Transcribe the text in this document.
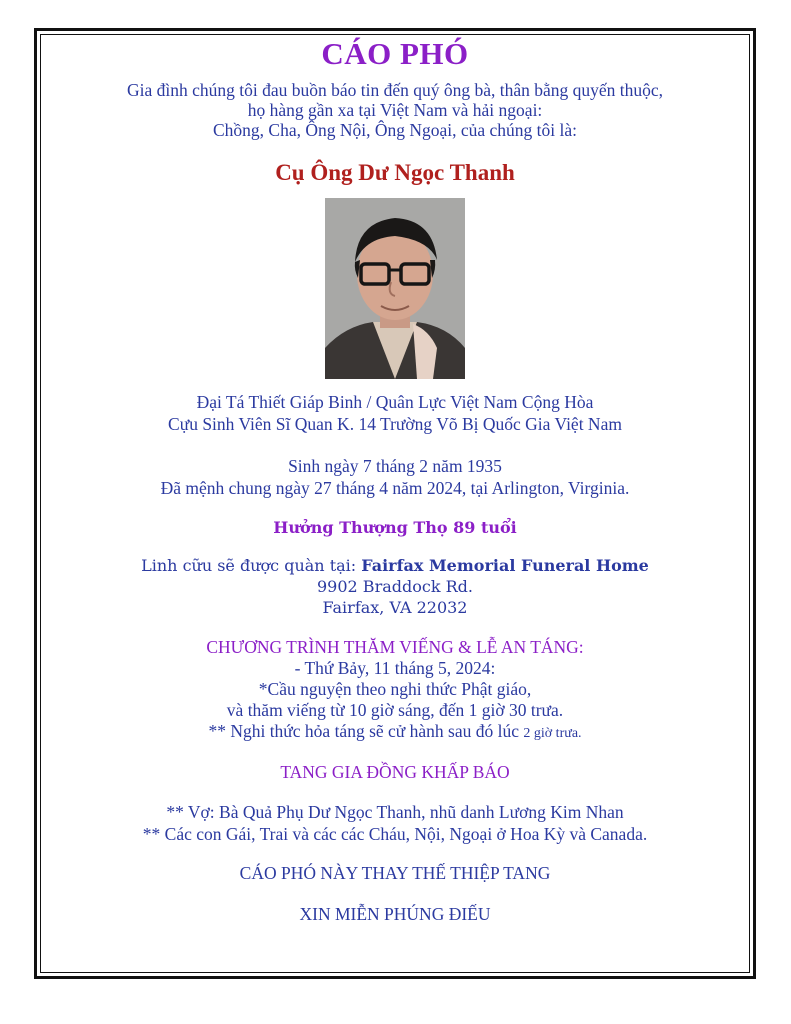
CÁO PHÓ
Gia đình chúng tôi đau buồn báo tin đến quý ông bà, thân bằng quyến thuộc,
họ hàng gần xa tại Việt Nam và hải ngoại:
Chồng, Cha, Ông Nội, Ông Ngoại, của chúng tôi là:
Cụ Ông Dư Ngọc Thanh
Đại Tá Thiết Giáp Binh / Quân Lực Việt Nam Cộng Hòa
Cựu Sinh Viên Sĩ Quan K. 14 Trường Võ Bị Quốc Gia Việt Nam
Sinh ngày 7 tháng 2 năm 1935
Đã mệnh chung ngày 27 tháng 4 năm 2024, tại Arlington, Virginia.
Hưởng Thượng Thọ 89 tuổi
Linh cữu sẽ được quàn tại: Fairfax Memorial Funeral Home
9902 Braddock Rd.
Fairfax, VA 22032
CHƯƠNG TRÌNH THĂM VIẾNG & LỄ AN TÁNG:
- Thứ Bảy, 11 tháng 5, 2024:
*Cầu nguyện theo nghi thức Phật giáo,
và thăm viếng từ 10 giờ sáng, đến 1 giờ 30 trưa.
** Nghi thức hỏa táng sẽ cử hành sau đó lúc 2 giờ trưa.
TANG GIA ĐỒNG KHẤP BÁO
** Vợ: Bà Quả Phụ Dư Ngọc Thanh, nhũ danh Lương Kim Nhan
** Các con Gái, Trai và các các Cháu, Nội, Ngoại ở Hoa Kỳ và Canada.
CÁO PHÓ NÀY THAY THẾ THIỆP TANG
XIN MIỄN PHÚNG ĐIẾU
